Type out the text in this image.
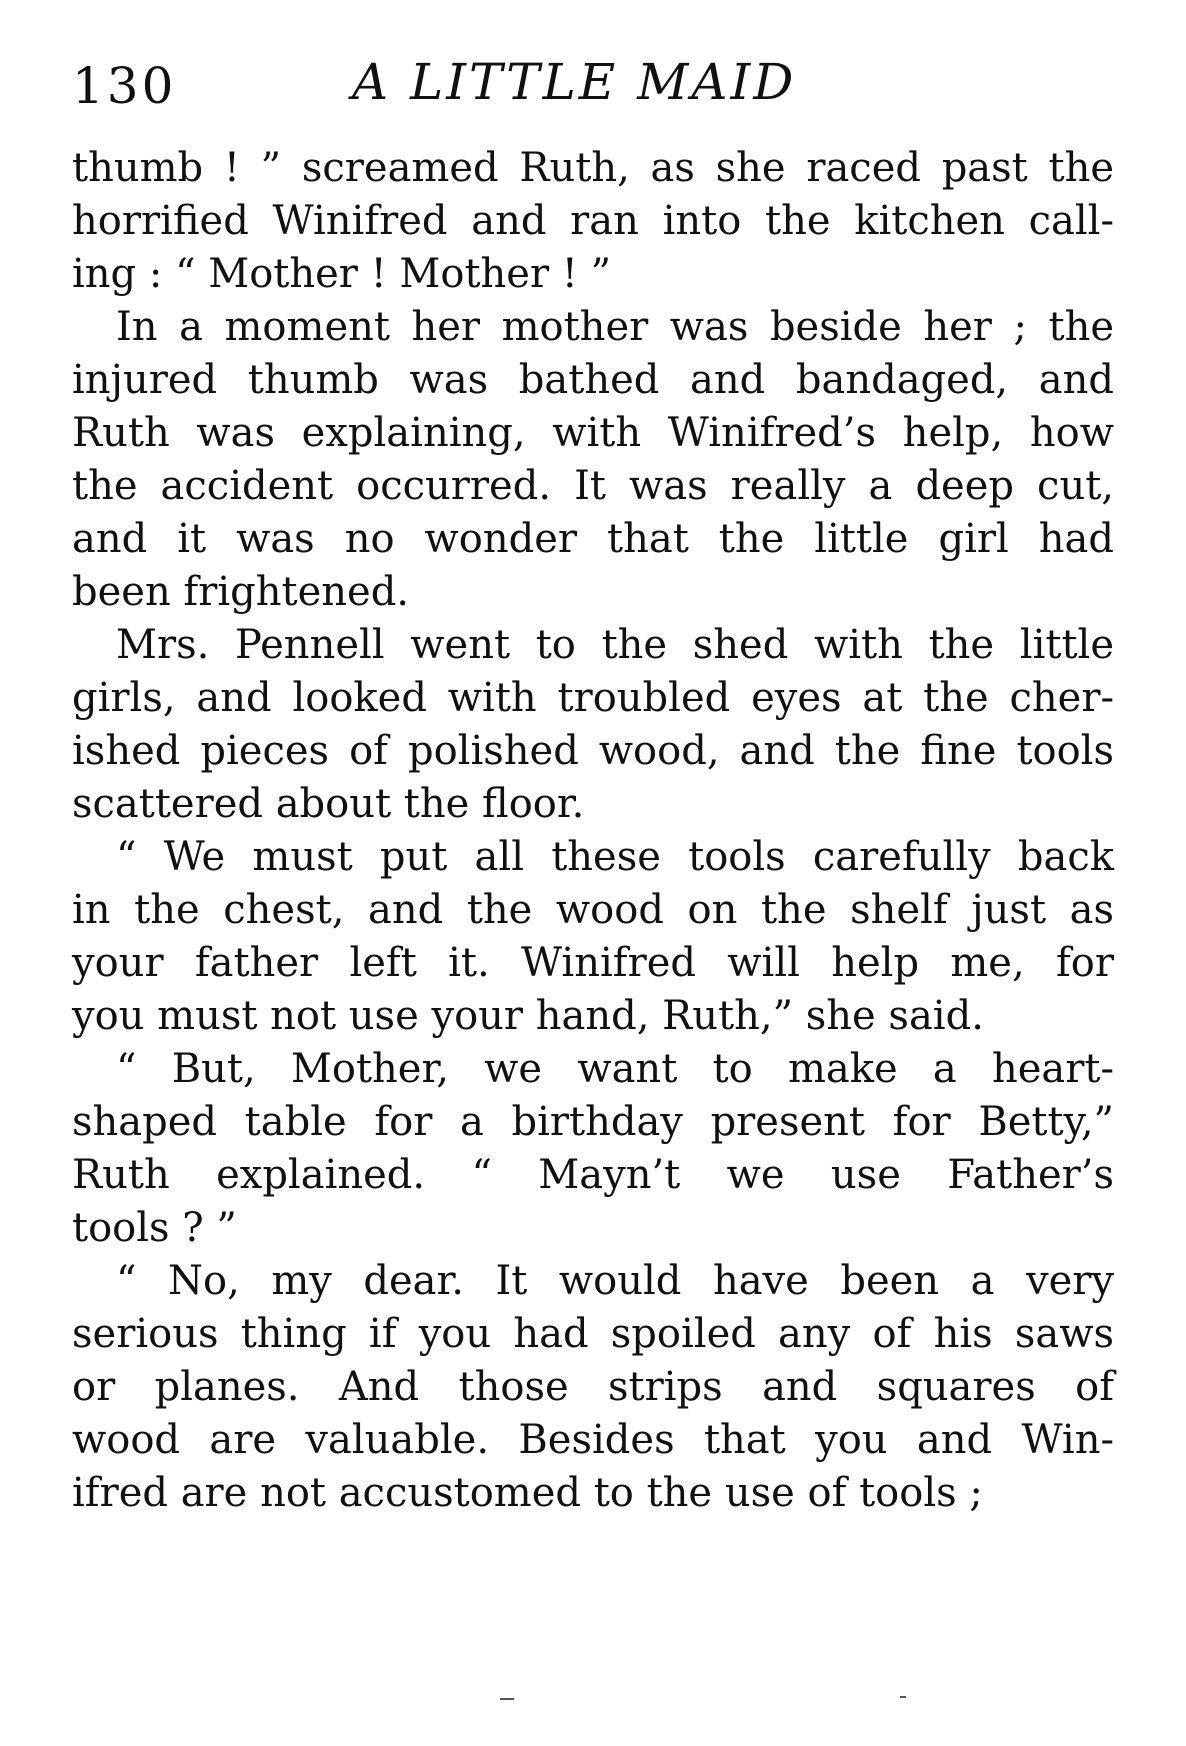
130	A LITTLE MAID
thumb ! ” screamed Ruth, as she raced past the
horrified Winifred and ran into the kitchen call-
ing : “ Mother ! Mother ! ”
In a moment her mother was beside her ; the
injured thumb was bathed and bandaged, and
Ruth was explaining, with Winifred’s help, how
the accident occurred. It was really a deep cut,
and it was no wonder that the little girl had
been frightened.
Mrs. Pennell went to the shed with the little
girls, and looked with troubled eyes at the cher-
ished pieces of polished wood, and the fine tools
scattered about the floor.
“ We must put all these tools carefully back
in the chest, and the wood on the shelf just as
your father left it. Winifred will help me, for
you must not use your hand, Ruth,” she said.
“ But, Mother, we want to make a heart-
shaped table for a birthday present for Betty,”
Ruth explained. “ Mayn’t we use Father’s
tools ? ”
“ No, my dear. It would have been a very
serious thing if you had spoiled any of his saws
or planes. And those strips and squares of
wood are valuable. Besides that you and Win-
ifred are not accustomed to the use of tools ;
